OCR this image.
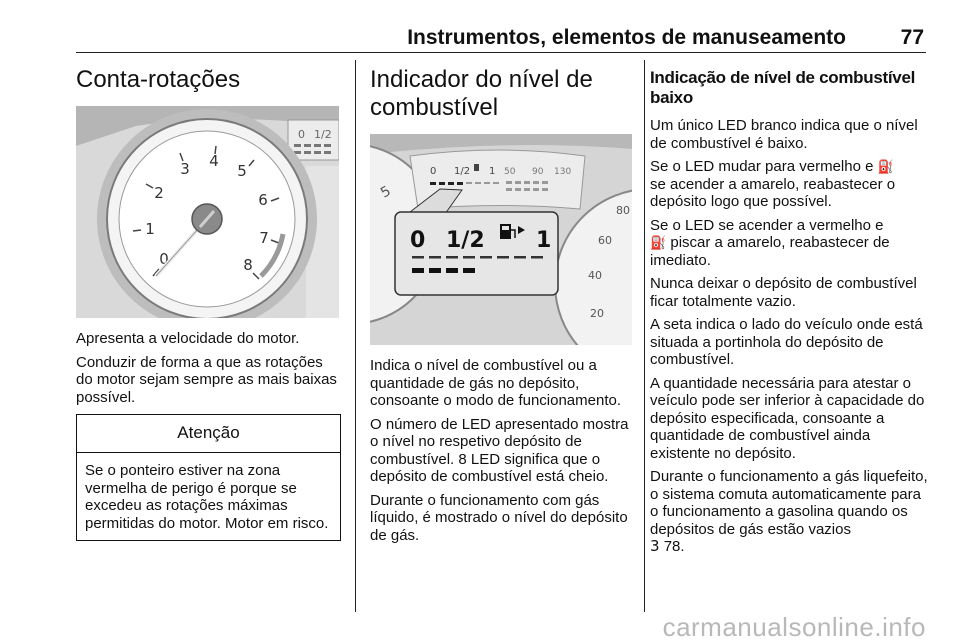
Instrumentos, elementos de manuseamento	77
Conta-rotações
0 1/2
0
1
2
3 4
5
6
7
8

Apresenta a velocidade do motor.

Conduzir de forma a que as rotações do motor sejam sempre as mais baixas possível.

Atenção
Se o ponteiro estiver na zona vermelha de perigo é porque se excedeu as rotações máximas permitidas do motor. Motor em risco.
Indicador do nível de combustível
5
0 1/2 1 50 90 130
20
40
60
80
0 1/2 1

Indica o nível de combustível ou a quantidade de gás no depósito, consoante o modo de funcionamento.

O número de LED apresentado mostra o nível no respetivo depósito de combustível. 8 LED significa que o depósito de combustível está cheio.

Durante o funcionamento com gás líquido, é mostrado o nível do depósito de gás.

Indicação de nível de combustível baixo

Um único LED branco indica que o nível de combustível é baixo.

Se o LED mudar para vermelho e ⛽
se acender a amarelo, reabastecer o depósito logo que possível.

Se o LED se acender a vermelho e
⛽ piscar a amarelo, reabastecer de imediato.

Nunca deixar o depósito de combustível ficar totalmente vazio.

A seta indica o lado do veículo onde está situada a portinhola do depósito de combustível.

A quantidade necessária para atestar o veículo pode ser inferior à capacidade do depósito especificada, consoante a quantidade de combustível ainda existente no depósito.

Durante o funcionamento a gás liquefeito, o sistema comuta automaticamente para o funcionamento a gasolina quando os depósitos de gás estão vazios
3 78.

carmanualsonline.info
